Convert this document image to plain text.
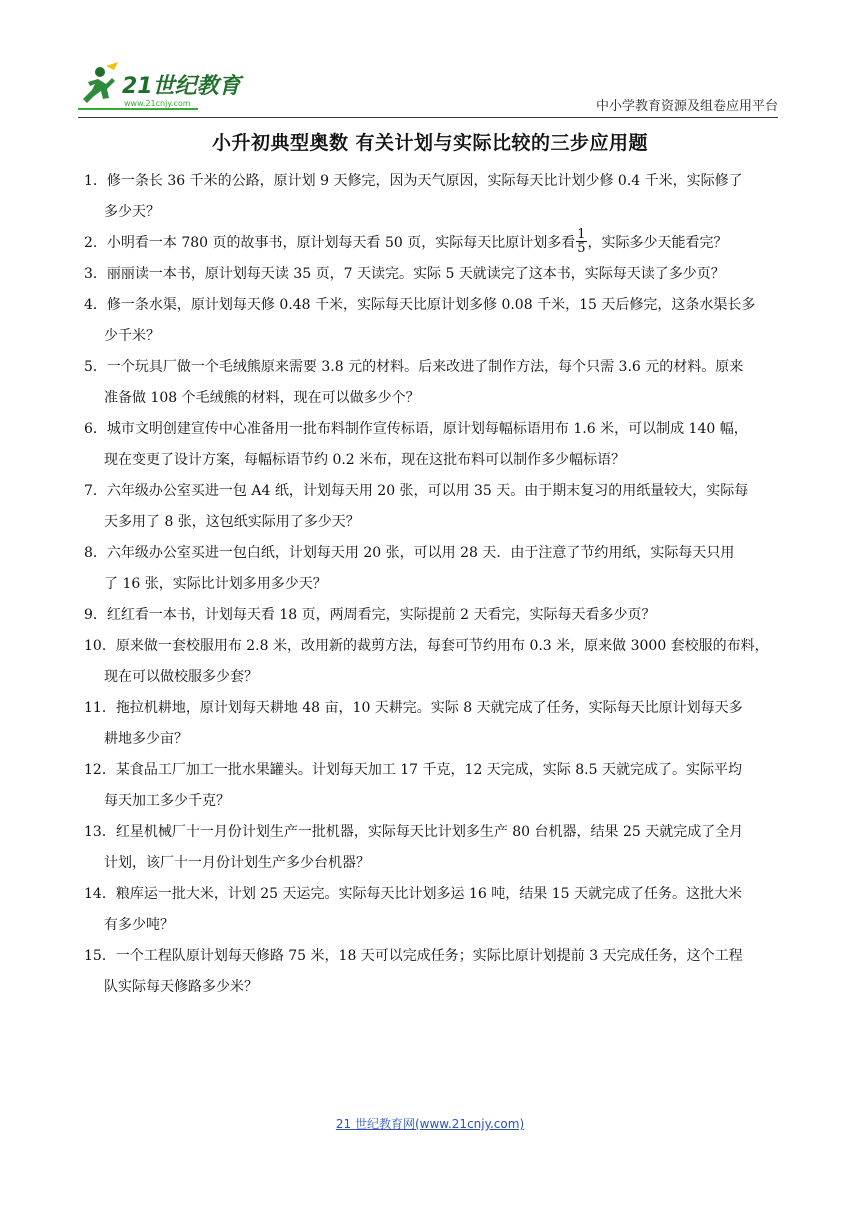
21世纪教育
www.21cnjy.com	中小学教育资源及组卷应用平台
小升初典型奥数 有关计划与实际比较的三步应用题
1．修一条长 36 千米的公路，原计划 9 天修完，因为天气原因，实际每天比计划少修 0.4 千米，实际修了
多少天？
2．小明看一本 780 页的故事书，原计划每天看 50 页，实际每天比原计划多看 $\frac{1}{5}$ ，实际多少天能看完？
3．丽丽读一本书，原计划每天读 35 页，7 天读完。实际 5 天就读完了这本书，实际每天读了多少页？
4．修一条水渠，原计划每天修 0.48 千米，实际每天比原计划多修 0.08 千米，15 天后修完，这条水渠长多
少千米？
5．一个玩具厂做一个毛绒熊原来需要 3.8 元的材料。后来改进了制作方法，每个只需 3.6 元的材料。原来
准备做 108 个毛绒熊的材料，现在可以做多少个？
6．城市文明创建宣传中心准备用一批布料制作宣传标语，原计划每幅标语用布 1.6 米，可以制成 140 幅，
现在变更了设计方案，每幅标语节约 0.2 米布，现在这批布料可以制作多少幅标语？
7．六年级办公室买进一包 A4 纸，计划每天用 20 张，可以用 35 天。由于期末复习的用纸量较大，实际每
天多用了 8 张，这包纸实际用了多少天？
8．六年级办公室买进一包白纸，计划每天用 20 张，可以用 28 天．由于注意了节约用纸，实际每天只用
了 16 张，实际比计划多用多少天？
9．红红看一本书，计划每天看 18 页，两周看完，实际提前 2 天看完，实际每天看多少页？
10．原来做一套校服用布 2.8 米，改用新的裁剪方法，每套可节约用布 0.3 米，原来做 3000 套校服的布料，
现在可以做校服多少套？
11．拖拉机耕地，原计划每天耕地 48 亩，10 天耕完。实际 8 天就完成了任务，实际每天比原计划每天多
耕地多少亩？
12．某食品工厂加工一批水果罐头。计划每天加工 17 千克，12 天完成，实际 8.5 天就完成了。实际平均
每天加工多少千克？
13．红星机械厂十一月份计划生产一批机器，实际每天比计划多生产 80 台机器，结果 25 天就完成了全月
计划，该厂十一月份计划生产多少台机器？
14．粮库运一批大米，计划 25 天运完。实际每天比计划多运 16 吨，结果 15 天就完成了任务。这批大米
有多少吨？
15．一个工程队原计划每天修路 75 米，18 天可以完成任务；实际比原计划提前 3 天完成任务，这个工程
队实际每天修路多少米？
21 世纪教育网(www.21cnjy.com)
